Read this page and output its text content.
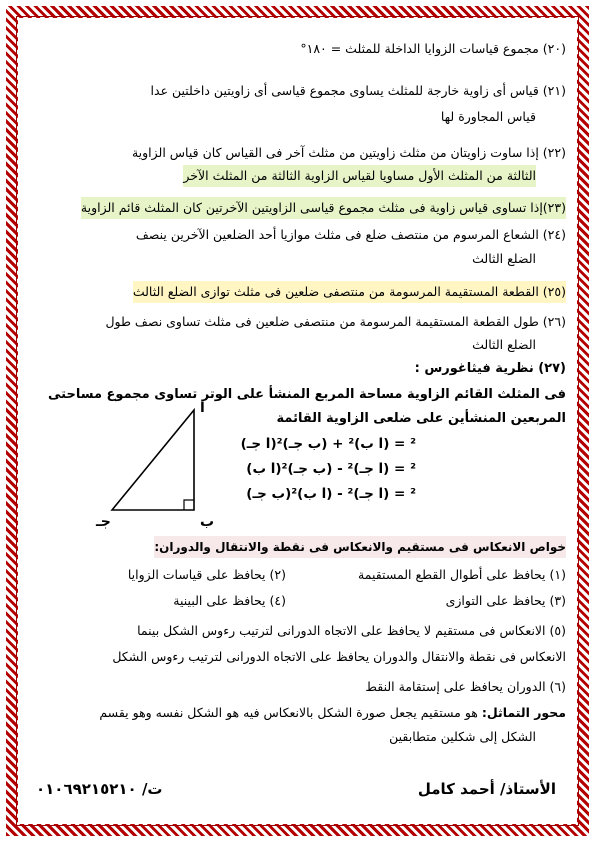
(٢٠) مجموع قياسات الزوايا الداخلة للمثلث = ١٨٠°
(٢١) قياس أى زاوية خارجة للمثلث يساوى مجموع قياسى أى زاويتين داخلتين عدا
قياس المجاورة لها
(٢٢) إذا ساوت زاويتان من مثلث زاويتين من مثلث آخر فى القياس كان قياس الزاوية
الثالثة من المثلث الأول مساويا لقياس الزاوية الثالثة من المثلث الآخر
(٢٣)إذا تساوى قياس زاوية فى مثلث مجموع قياسى الزاويتين الآخرتين كان المثلث قائم الزاوية
(٢٤) الشعاع المرسوم من منتصف ضلع فى مثلث موازيا أحد الضلعين الآخرين ينصف
الضلع الثالث
(٢٥) القطعة المستقيمة المرسومة من منتصفى ضلعين فى مثلث توازى الضلع الثالث
(٢٦) طول القطعة المستقيمة المرسومة من منتصفى ضلعين فى مثلث تساوى نصف طول
الضلع الثالث
(٢٧) نظرية فيثاغورس :
فى المثلث القائم الزاوية مساحة المربع المنشأ على الوتر تساوى مجموع مساحتى
المربعين المنشأين على ضلعى الزاوية القائمة
(ا جـ)² = (ا ب)² + (ب جـ)²
(ا ب)² = (ا جـ)² - (ب جـ)²
(ب جـ)² = (ا جـ)² - (ا ب)²
خواص الانعكاس فى مستقيم والانعكاس فى نقطة والانتقال والدوران:
(١) يحافظ على أطوال القطع المستقيمة
(٢) يحافظ على قياسات الزوايا
(٣) يحافظ على التوازى
(٤) يحافظ على البينية
(٥) الانعكاس فى مستقيم لا يحافظ على الاتجاه الدورانى لترتيب رءوس الشكل بينما
الانعكاس فى نقطة والانتقال والدوران يحافظ على الاتجاه الدورانى لترتيب رءوس الشكل
(٦) الدوران يحافظ على إستقامة النقط
محور التماثل: هو مستقيم يجعل صورة الشكل بالانعكاس فيه هو الشكل نفسه وهو يقسم
الشكل إلى شكلين متطابقين
ا
ب
جـ
ت/ ٠١٠٦٩٢١٥٢١٠	الأستاذ/ أحمد كامل
